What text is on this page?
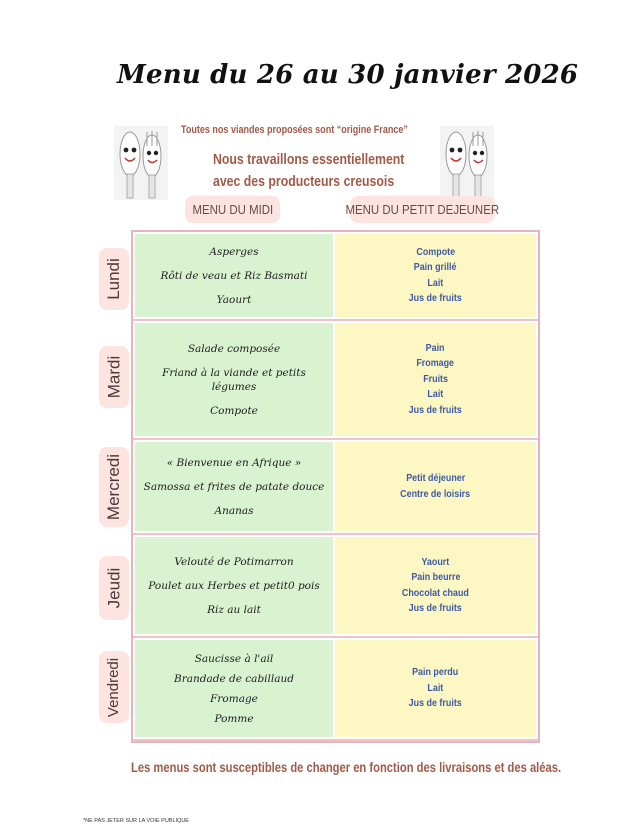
Menu du 26 au 30 janvier 2026
Toutes nos viandes proposées sont “origine France”
Nous travaillons essentiellement
avec des producteurs creusois
MENU DU MIDI	MENU DU PETIT DEJEUNER
Asperges
Rôti de veau et Riz Basmati
Yaourt
Compote
Pain grillé
Lait
Jus de fruits
Salade composée
Friand à la viande et petits légumes
Compote
Pain
Fromage
Fruits
Lait
Jus de fruits
« Bienvenue en Afrique »
Samossa et frites de patate douce
Ananas
Petit déjeuner
Centre de loisirs
Velouté de Potimarron
Poulet aux Herbes et petit0 pois
Riz au lait
Yaourt
Pain beurre
Chocolat chaud
Jus de fruits
Saucisse à l'ail
Brandade de cabillaud
Fromage
Pomme
Pain perdu
Lait
Jus de fruits
Lundi
Mardi
Mercredi
Jeudi
Vendredi
Les menus sont susceptibles de changer en fonction des livraisons et des aléas.
*NE PAS JETER SUR LA VOIE PUBLIQUE
